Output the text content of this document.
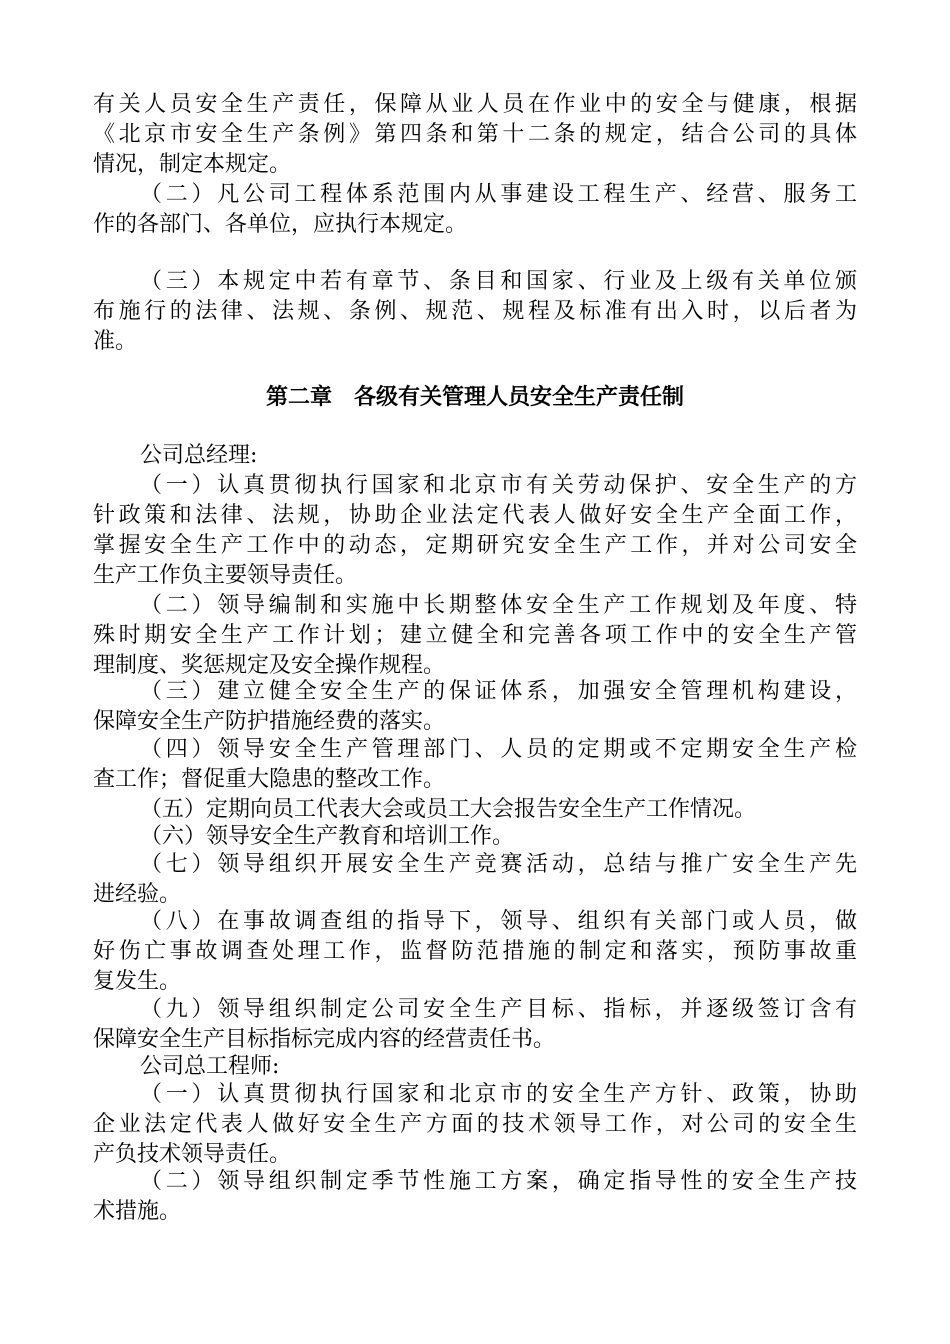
有关人员安全生产责任，保障从业人员在作业中的安全与健康，根据
《北京市安全生产条例》第四条和第十二条的规定，结合公司的具体
情况，制定本规定。
（二）凡公司工程体系范围内从事建设工程生产、经营、服务工
作的各部门、各单位，应执行本规定。
（三）本规定中若有章节、条目和国家、行业及上级有关单位颁
布施行的法律、法规、条例、规范、规程及标准有出入时，以后者为
准。
第二章　各级有关管理人员安全生产责任制
公司总经理:
（一）认真贯彻执行国家和北京市有关劳动保护、安全生产的方
针政策和法律、法规，协助企业法定代表人做好安全生产全面工作，
掌握安全生产工作中的动态，定期研究安全生产工作，并对公司安全
生产工作负主要领导责任。
（二）领导编制和实施中长期整体安全生产工作规划及年度、特
殊时期安全生产工作计划；建立健全和完善各项工作中的安全生产管
理制度、奖惩规定及安全操作规程。
（三）建立健全安全生产的保证体系，加强安全管理机构建设，
保障安全生产防护措施经费的落实。
（四）领导安全生产管理部门、人员的定期或不定期安全生产检
查工作；督促重大隐患的整改工作。
（五）定期向员工代表大会或员工大会报告安全生产工作情况。
（六）领导安全生产教育和培训工作。
（七）领导组织开展安全生产竞赛活动，总结与推广安全生产先
进经验。
（八）在事故调查组的指导下，领导、组织有关部门或人员，做
好伤亡事故调查处理工作，监督防范措施的制定和落实，预防事故重
复发生。
（九）领导组织制定公司安全生产目标、指标，并逐级签订含有
保障安全生产目标指标完成内容的经营责任书。
公司总工程师:
（一）认真贯彻执行国家和北京市的安全生产方针、政策，协助
企业法定代表人做好安全生产方面的技术领导工作，对公司的安全生
产负技术领导责任。
（二）领导组织制定季节性施工方案，确定指导性的安全生产技
术措施。
